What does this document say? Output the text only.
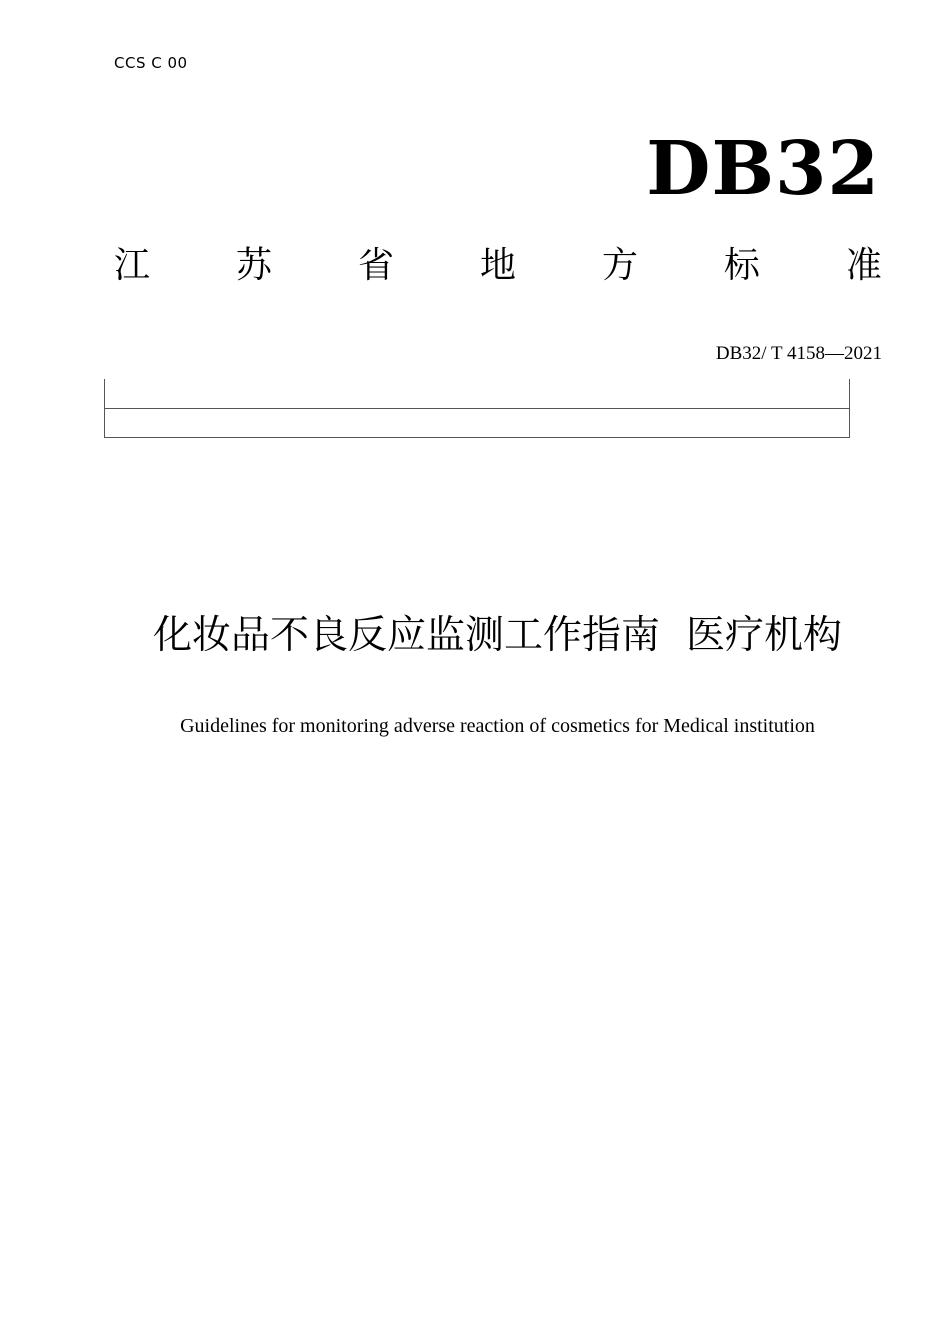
CCS C 00
DB32
江 苏 省 地 方 标 准
DB32/ T 4158—2021
化妆品不良反应监测工作指南 医疗机构
Guidelines for monitoring adverse reaction of cosmetics for Medical institution
